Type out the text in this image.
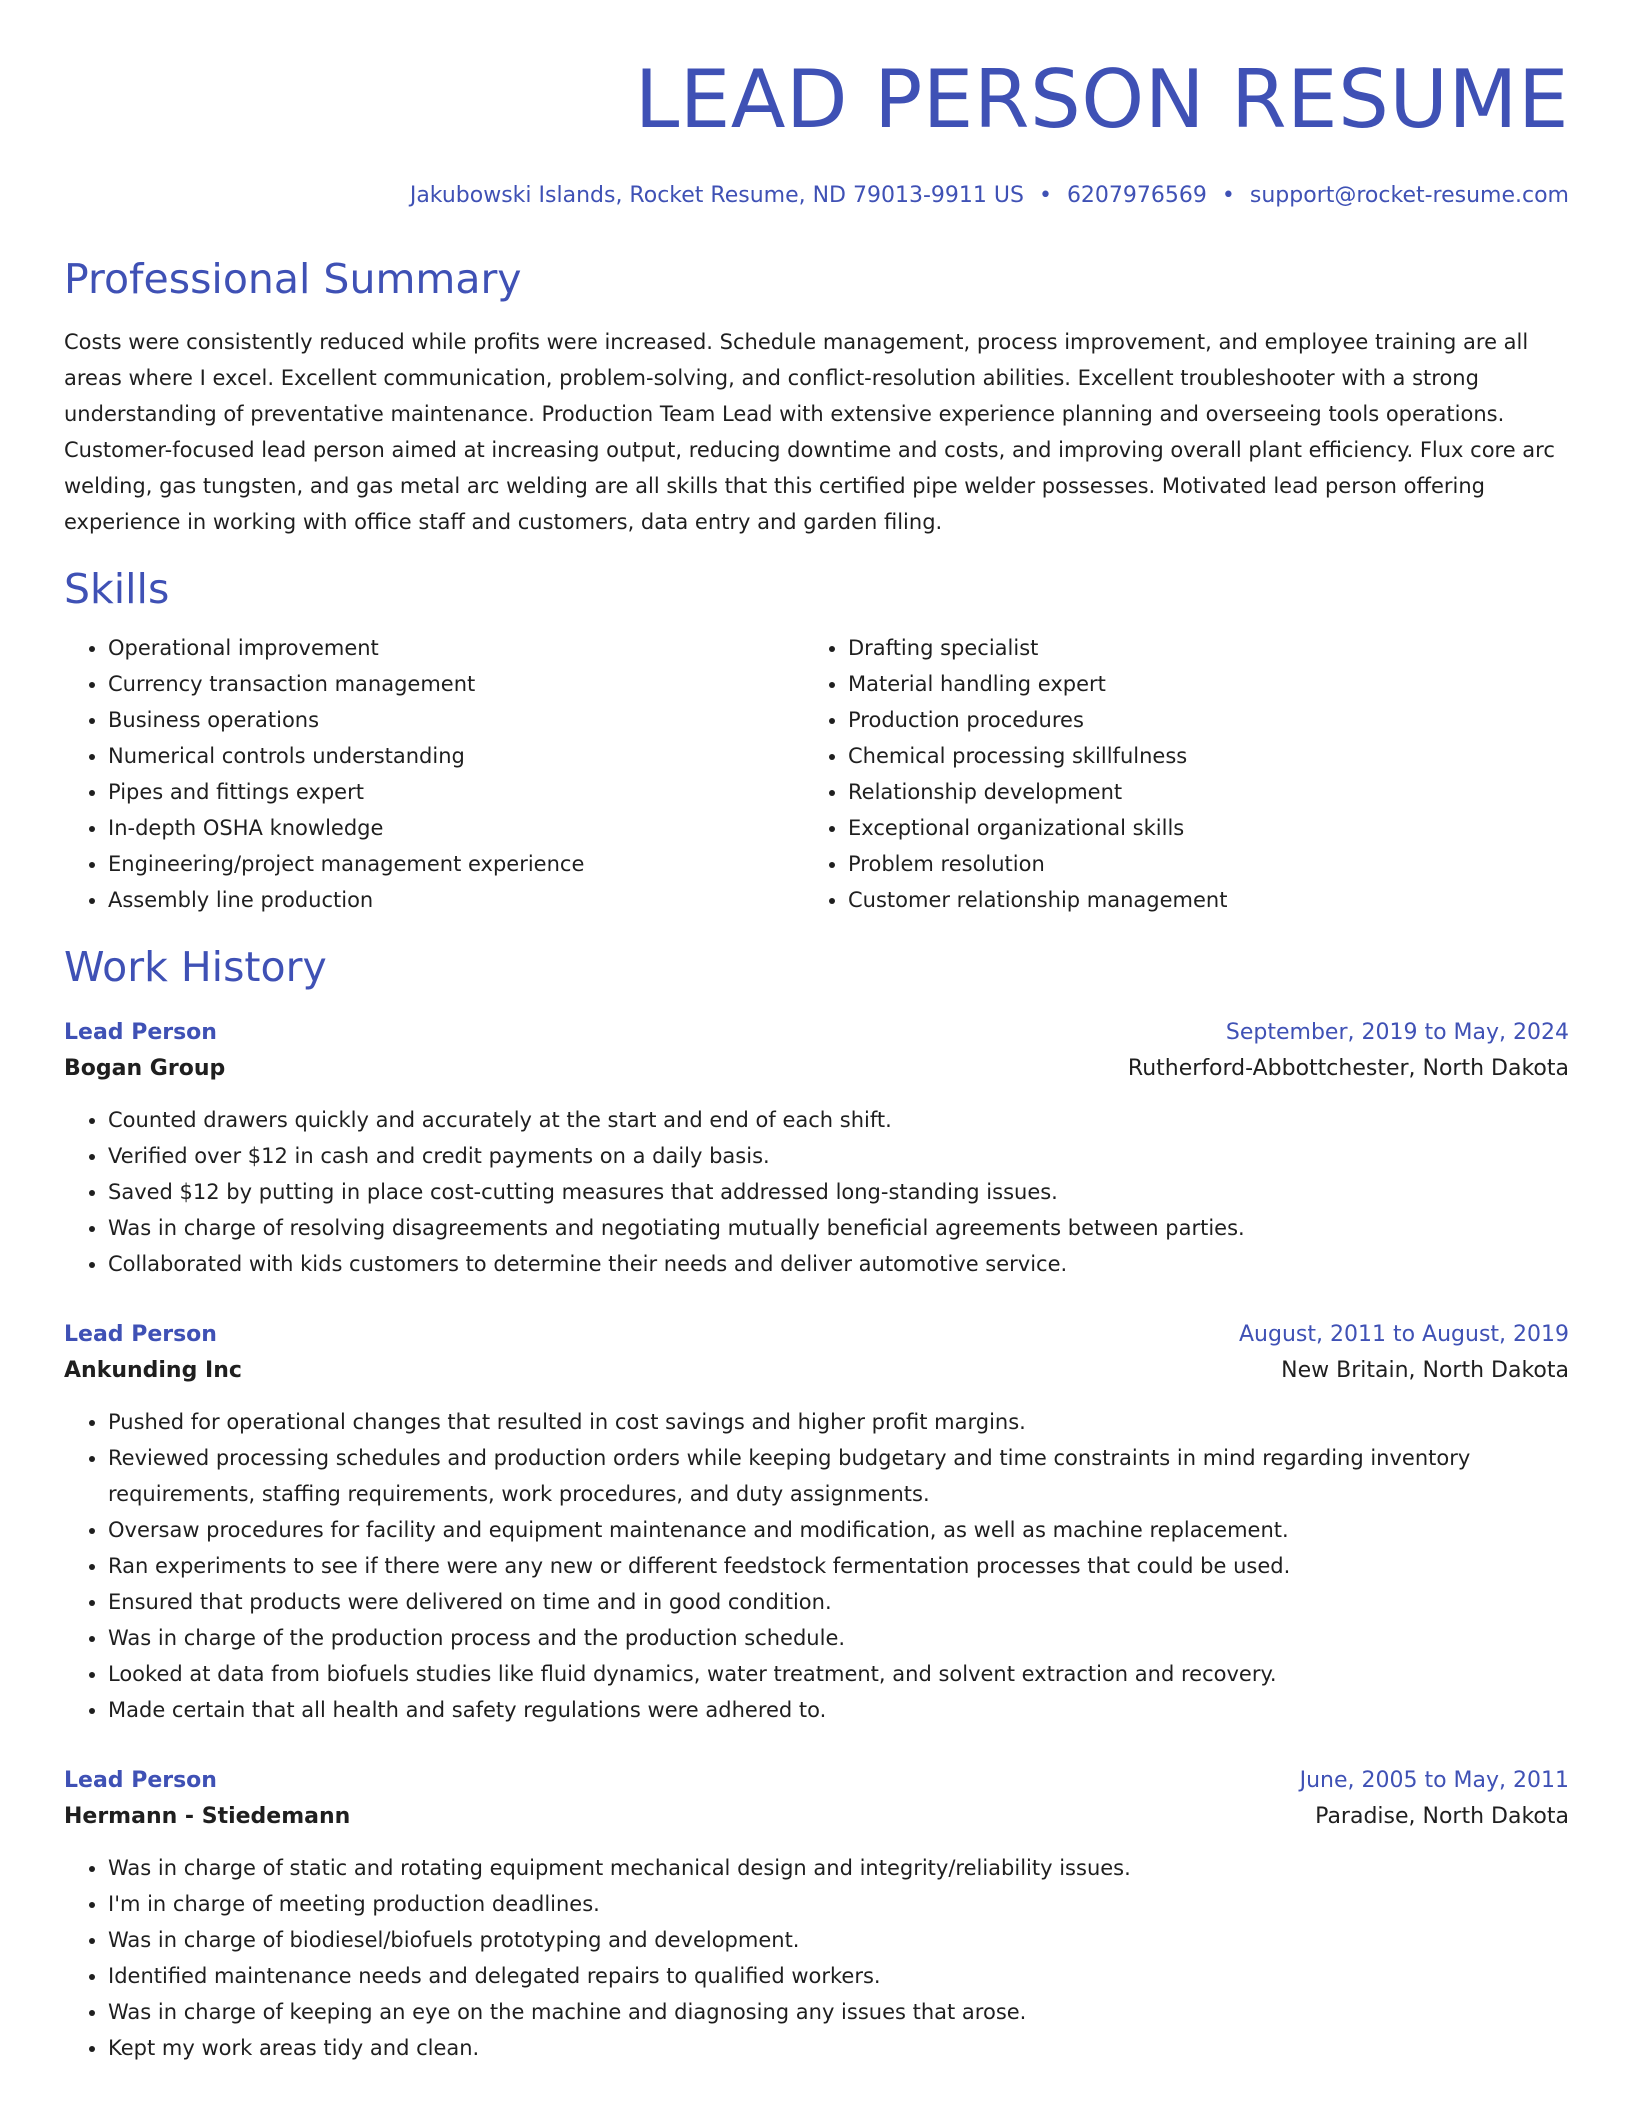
LEAD PERSON RESUME
Jakubowski Islands, Rocket Resume, ND 79013-9911 US • 6207976569 • support@rocket-resume.com
Professional Summary

Costs were consistently reduced while profits were increased. Schedule management, process improvement, and employee training are all areas where I excel. Excellent communication, problem-solving, and conflict-resolution abilities. Excellent troubleshooter with a strong understanding of preventative maintenance. Production Team Lead with extensive experience planning and overseeing tools operations. Customer-focused lead person aimed at increasing output, reducing downtime and costs, and improving overall plant efficiency. Flux core arc welding, gas tungsten, and gas metal arc welding are all skills that this certified pipe welder possesses. Motivated lead person offering experience in working with office staff and customers, data entry and garden filing.

Skills
• Operational improvement
• Currency transaction management
• Business operations
• Numerical controls understanding
• Pipes and fittings expert
• In-depth OSHA knowledge
• Engineering/project management experience
• Assembly line production
• Drafting specialist
• Material handling expert
• Production procedures
• Chemical processing skillfulness
• Relationship development
• Exceptional organizational skills
• Problem resolution
• Customer relationship management
Work History
Lead Person	September, 2019 to May, 2024
Bogan Group	Rutherford-Abbottchester, North Dakota
• Counted drawers quickly and accurately at the start and end of each shift.
• Verified over $12 in cash and credit payments on a daily basis.
• Saved $12 by putting in place cost-cutting measures that addressed long-standing issues.
• Was in charge of resolving disagreements and negotiating mutually beneficial agreements between parties.
• Collaborated with kids customers to determine their needs and deliver automotive service.
Lead Person	August, 2011 to August, 2019
Ankunding Inc	New Britain, North Dakota
• Pushed for operational changes that resulted in cost savings and higher profit margins.
• Reviewed processing schedules and production orders while keeping budgetary and time constraints in mind regarding inventory requirements, staffing requirements, work procedures, and duty assignments.
• Oversaw procedures for facility and equipment maintenance and modification, as well as machine replacement.
• Ran experiments to see if there were any new or different feedstock fermentation processes that could be used.
• Ensured that products were delivered on time and in good condition.
• Was in charge of the production process and the production schedule.
• Looked at data from biofuels studies like fluid dynamics, water treatment, and solvent extraction and recovery.
• Made certain that all health and safety regulations were adhered to.
Lead Person	June, 2005 to May, 2011
Hermann - Stiedemann	Paradise, North Dakota
• Was in charge of static and rotating equipment mechanical design and integrity/reliability issues.
• I'm in charge of meeting production deadlines.
• Was in charge of biodiesel/biofuels prototyping and development.
• Identified maintenance needs and delegated repairs to qualified workers.
• Was in charge of keeping an eye on the machine and diagnosing any issues that arose.
• Kept my work areas tidy and clean.
